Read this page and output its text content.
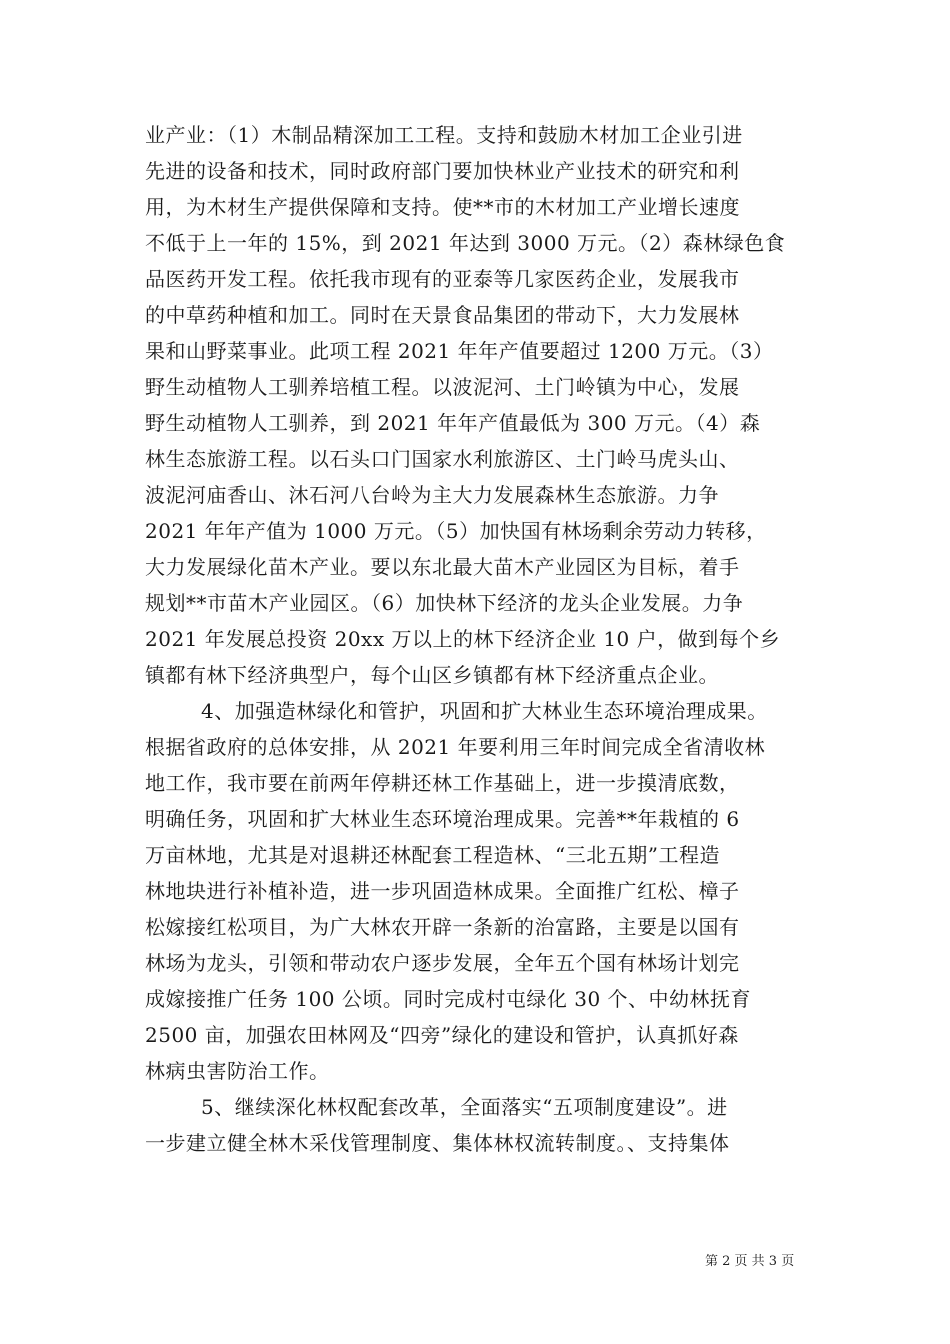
业产业：（1）木制品精深加工工程。支持和鼓励木材加工企业引进
先进的设备和技术，同时政府部门要加快林业产业技术的研究和利
用，为木材生产提供保障和支持。使**市的木材加工产业增长速度
不低于上一年的 15%，到 2021 年达到 3000 万元。（2）森林绿色食
品医药开发工程。依托我市现有的亚泰等几家医药企业，发展我市
的中草药种植和加工。同时在天景食品集团的带动下，大力发展林
果和山野菜事业。此项工程 2021 年年产值要超过 1200 万元。（3）
野生动植物人工驯养培植工程。以波泥河、土门岭镇为中心，发展
野生动植物人工驯养，到 2021 年年产值最低为 300 万元。（4）森
林生态旅游工程。以石头口门国家水利旅游区、土门岭马虎头山、
波泥河庙香山、沐石河八台岭为主大力发展森林生态旅游。力争
2021 年年产值为 1000 万元。（5）加快国有林场剩余劳动力转移，
大力发展绿化苗木产业。要以东北最大苗木产业园区为目标，着手
规划**市苗木产业园区。（6）加快林下经济的龙头企业发展。力争
2021 年发展总投资 20xx 万以上的林下经济企业 10 户，做到每个乡
镇都有林下经济典型户，每个山区乡镇都有林下经济重点企业。
4、加强造林绿化和管护，巩固和扩大林业生态环境治理成果。
根据省政府的总体安排，从 2021 年要利用三年时间完成全省清收林
地工作，我市要在前两年停耕还林工作基础上，进一步摸清底数，
明确任务，巩固和扩大林业生态环境治理成果。完善**年栽植的 6
万亩林地，尤其是对退耕还林配套工程造林、“三北五期”工程造
林地块进行补植补造，进一步巩固造林成果。全面推广红松、樟子
松嫁接红松项目，为广大林农开辟一条新的治富路，主要是以国有
林场为龙头，引领和带动农户逐步发展，全年五个国有林场计划完
成嫁接推广任务 100 公顷。同时完成村屯绿化 30 个、中幼林抚育
2500 亩，加强农田林网及“四旁”绿化的建设和管护，认真抓好森
林病虫害防治工作。
5、继续深化林权配套改革，全面落实“五项制度建设”。进
一步建立健全林木采伐管理制度、集体林权流转制度。、支持集体
第 2 页 共 3 页
